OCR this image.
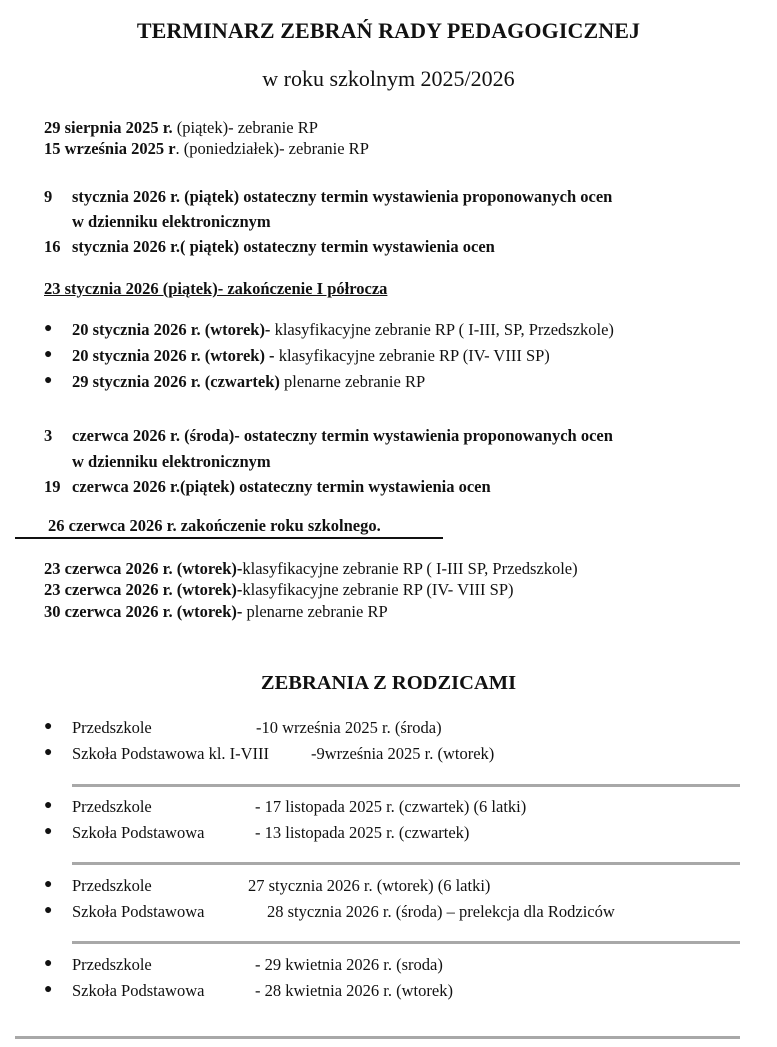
TERMINARZ ZEBRAŃ RADY PEDAGOGICZNEJ
w roku szkolnym 2025/2026
29 sierpnia 2025 r. (piątek)- zebranie RP
15 września 2025 r. (poniedziałek)- zebranie RP
9 stycznia 2026 r. (piątek) ostateczny termin wystawienia proponowanych ocen
w dzienniku elektronicznym
16 stycznia 2026 r.( piątek) ostateczny termin wystawienia ocen
23 stycznia 2026 (piątek)- zakończenie I półrocza
● 20 stycznia 2026 r. (wtorek)- klasyfikacyjne zebranie RP ( I-III, SP, Przedszkole)
● 20 stycznia 2026 r. (wtorek) - klasyfikacyjne zebranie RP (IV- VIII SP)
● 29 stycznia 2026 r. (czwartek) plenarne zebranie RP
3 czerwca 2026 r. (środa)- ostateczny termin wystawienia proponowanych ocen
w dzienniku elektronicznym
19 czerwca 2026 r.(piątek) ostateczny termin wystawienia ocen
26 czerwca 2026 r. zakończenie roku szkolnego.
23 czerwca 2026 r. (wtorek)-klasyfikacyjne zebranie RP ( I-III SP, Przedszkole)
23 czerwca 2026 r. (wtorek)-klasyfikacyjne zebranie RP (IV- VIII SP)
30 czerwca 2026 r. (wtorek)- plenarne zebranie RP
ZEBRANIA Z RODZICAMI
● Przedszkole	-10 września 2025 r. (środa)
● Szkoła Podstawowa kl. I-VIII	-9września 2025 r. (wtorek)
● Przedszkole	- 17 listopada 2025 r. (czwartek) (6 latki)
● Szkoła Podstawowa	- 13 listopada 2025 r. (czwartek)
● Przedszkole	27 stycznia 2026 r. (wtorek) (6 latki)
● Szkoła Podstawowa	28 stycznia 2026 r. (środa) – prelekcja dla Rodziców
● Przedszkole	- 29 kwietnia 2026 r. (sroda)
● Szkoła Podstawowa	- 28 kwietnia 2026 r. (wtorek)
